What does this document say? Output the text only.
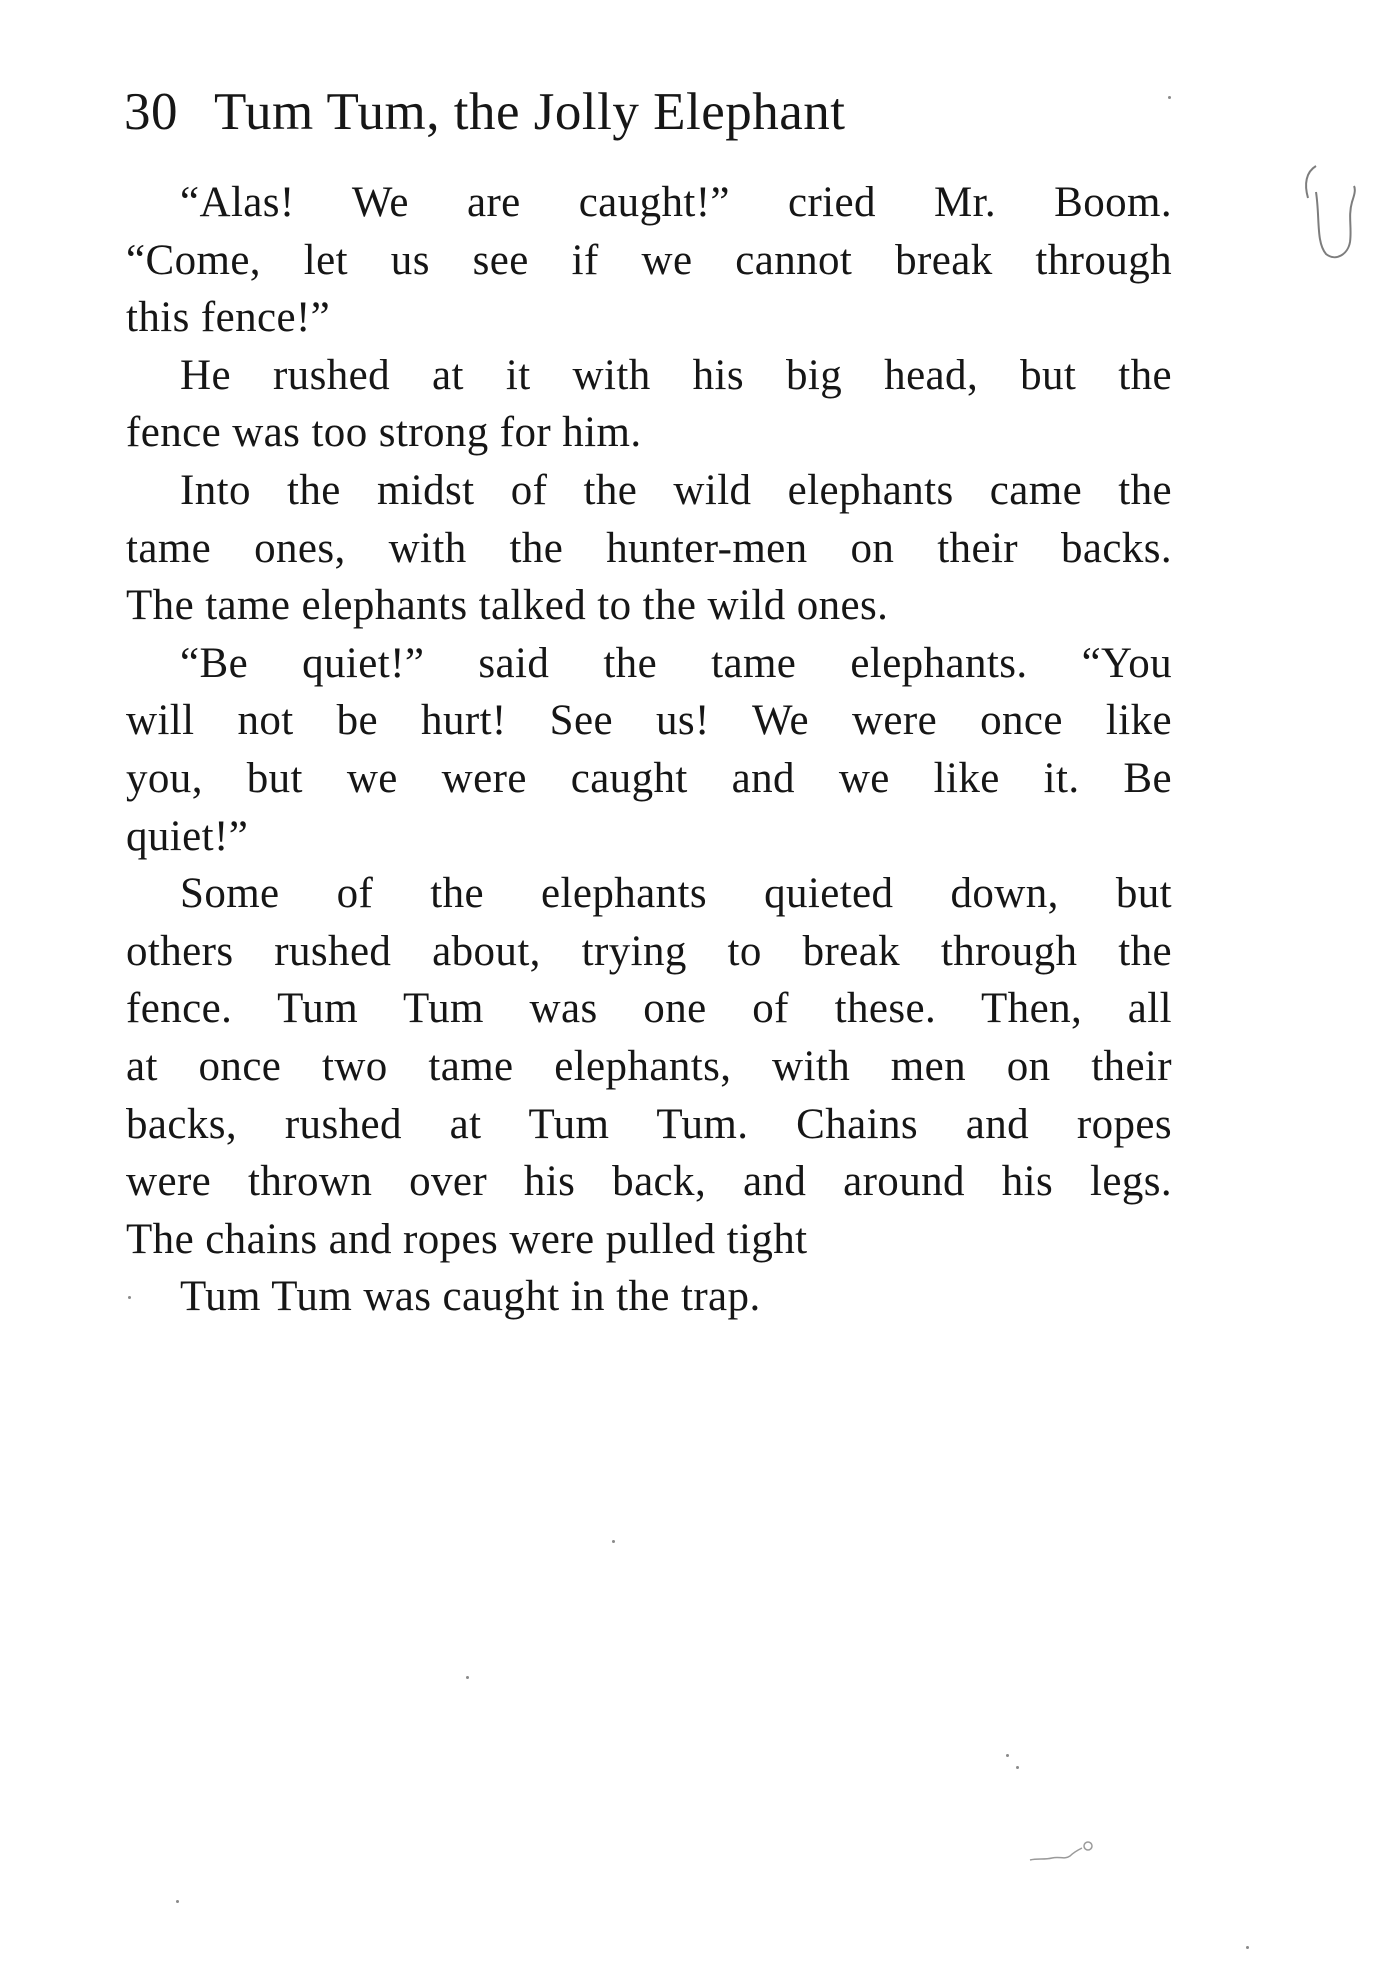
30 Tum Tum, the Jolly Elephant

“Alas! We are caught!” cried Mr. Boom.
“Come, let us see if we cannot break through
this fence!”

He rushed at it with his big head, but the
fence was too strong for him.

Into the midst of the wild elephants came the
tame ones, with the hunter-men on their backs.
The tame elephants talked to the wild ones.

“Be quiet!” said the tame elephants. “You
will not be hurt! See us! We were once like
you, but we were caught and we like it. Be
quiet!”

Some of the elephants quieted down, but
others rushed about, trying to break through the
fence. Tum Tum was one of these. Then, all
at once two tame elephants, with men on their
backs, rushed at Tum Tum. Chains and ropes
were thrown over his back, and around his legs.
The chains and ropes were pulled tight

Tum Tum was caught in the trap.
